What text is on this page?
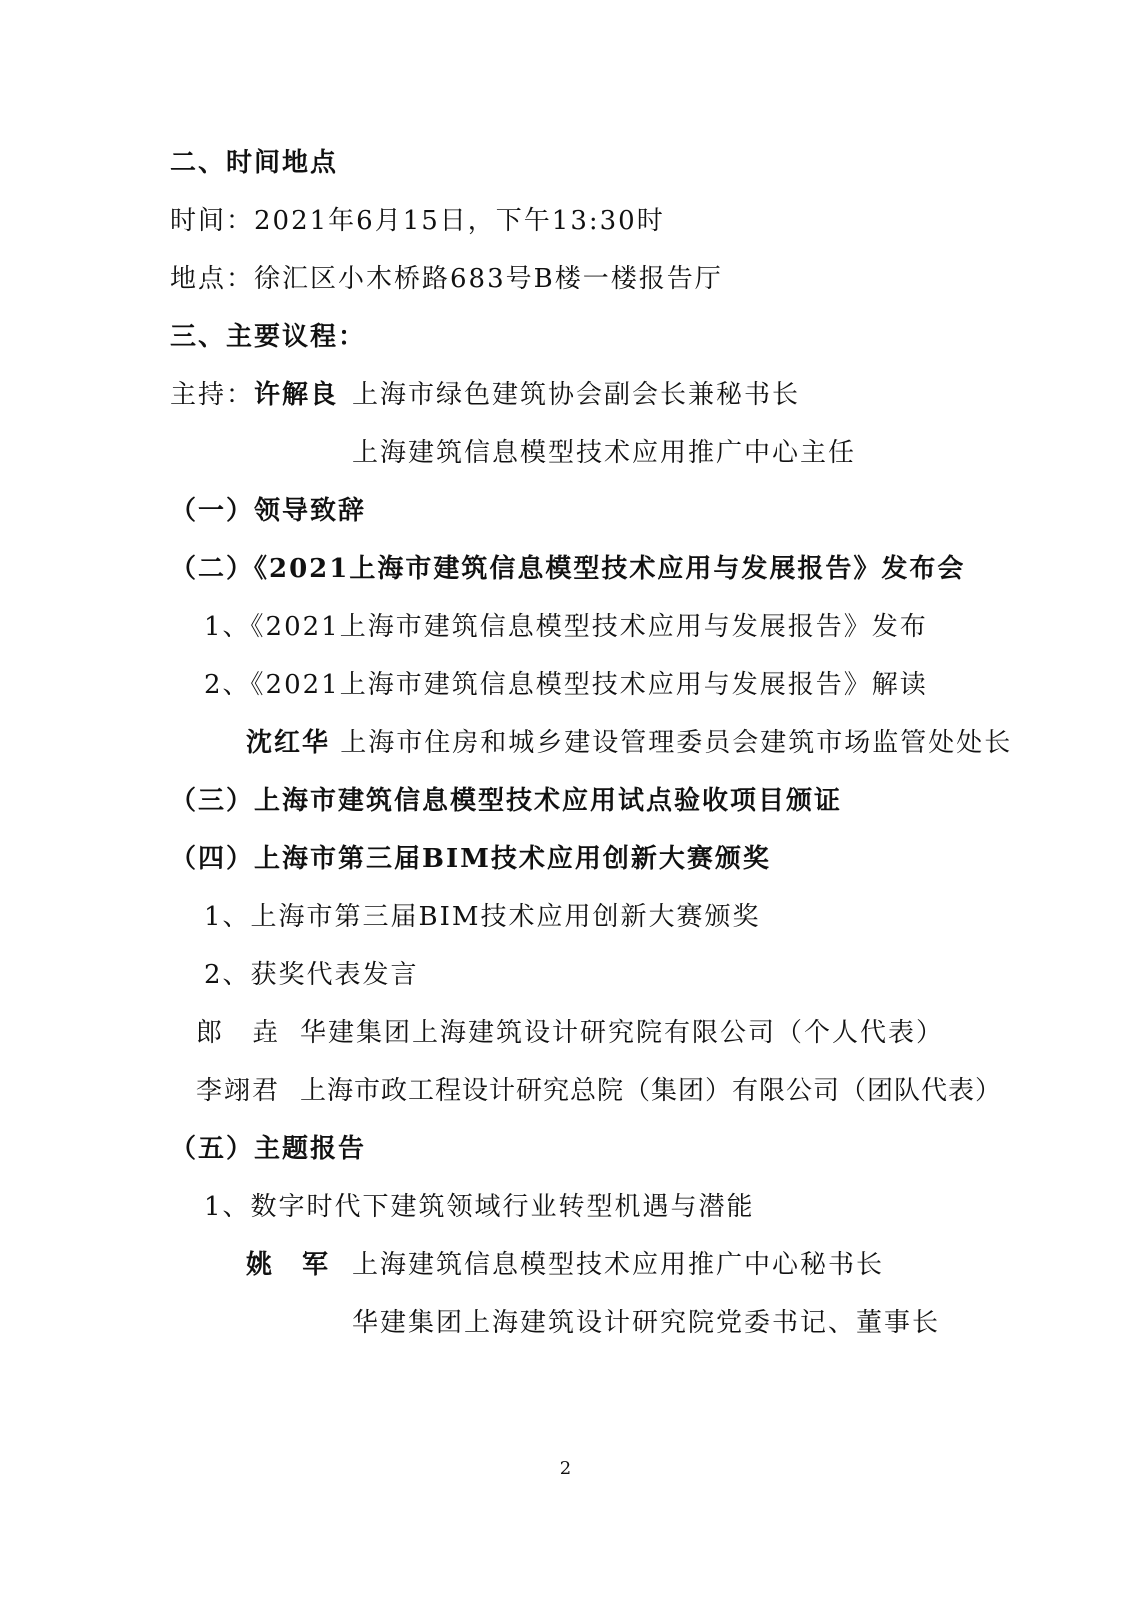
二、时间地点
时间：2021年6月15日，下午13:30时
地点：徐汇区小木桥路683号B楼一楼报告厅
三、主要议程：
主持：许解良 上海市绿色建筑协会副会长兼秘书长
上海建筑信息模型技术应用推广中心主任
（一）领导致辞
（二）《2021上海市建筑信息模型技术应用与发展报告》发布会
1、《2021上海市建筑信息模型技术应用与发展报告》发布
2、《2021上海市建筑信息模型技术应用与发展报告》解读
沈红华 上海市住房和城乡建设管理委员会建筑市场监管处处长
（三）上海市建筑信息模型技术应用试点验收项目颁证
（四）上海市第三届BIM技术应用创新大赛颁奖
1、上海市第三届BIM技术应用创新大赛颁奖
2、获奖代表发言
郎　垚 华建集团上海建筑设计研究院有限公司（个人代表）
李翊君 上海市政工程设计研究总院（集团）有限公司（团队代表）
（五）主题报告
1、数字时代下建筑领域行业转型机遇与潜能
姚　军 上海建筑信息模型技术应用推广中心秘书长
华建集团上海建筑设计研究院党委书记、董事长
2
